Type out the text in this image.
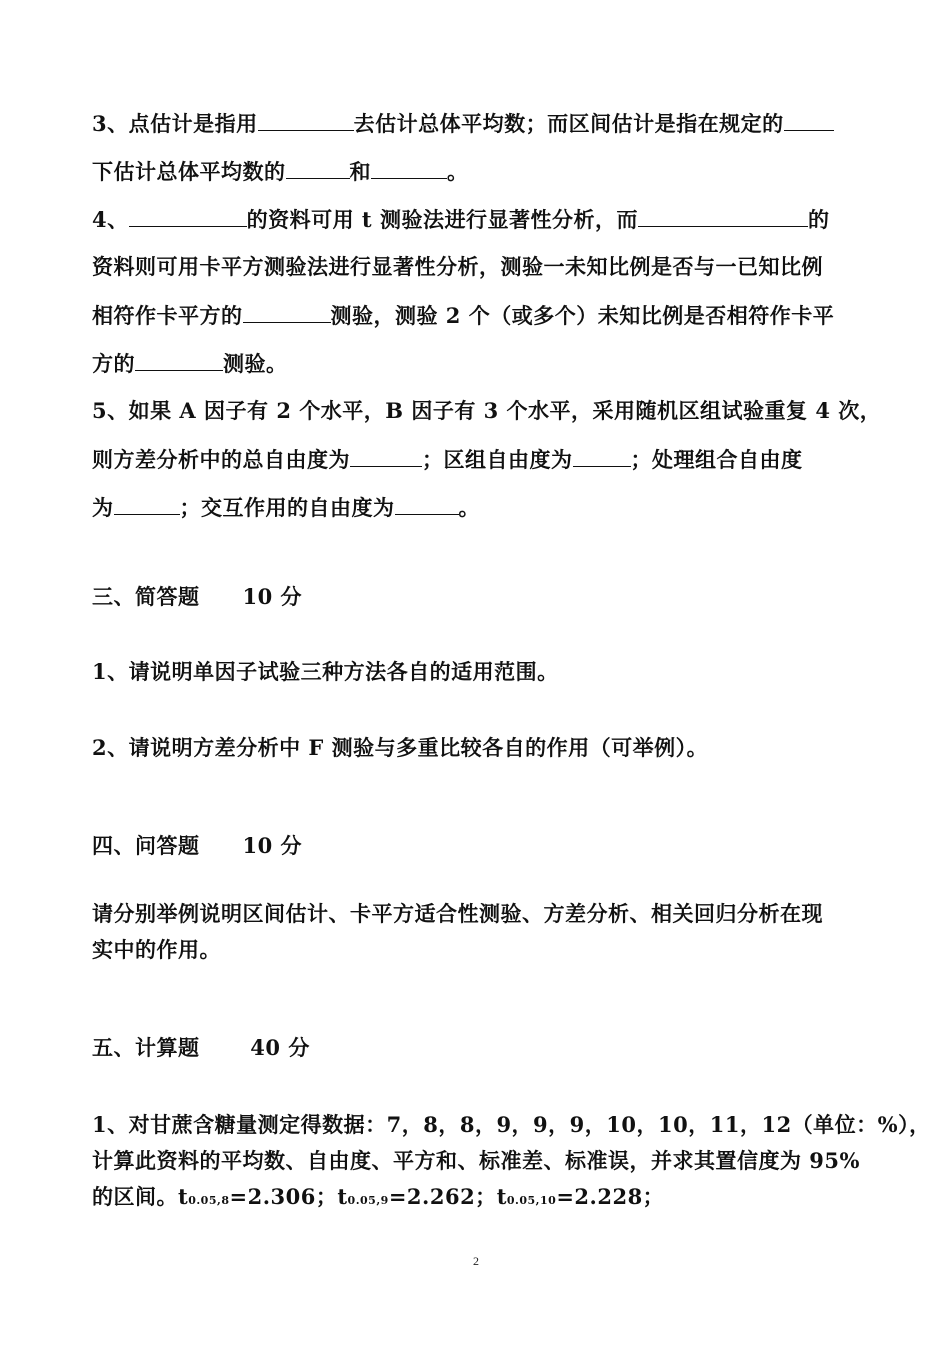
3、点估计是指用	去估计总体平均数；而区间估计是指在规定的
下估计总体平均数的	和	。
4、	的资料可用 t 测验法进行显著性分析，而	的
资料则可用卡平方测验法进行显著性分析，测验一未知比例是否与一已知比例
相符作卡平方的	测验，测验 2 个（或多个）未知比例是否相符作卡平
方的	测验。
5、如果 A 因子有 2 个水平，B 因子有 3 个水平，采用随机区组试验重复 4 次，
则方差分析中的总自由度为	；区组自由度为	；处理组合自由度
为	；交互作用的自由度为	。
三、简答题　　10 分
1、请说明单因子试验三种方法各自的适用范围。
2、请说明方差分析中 F 测验与多重比较各自的作用（可举例）。
四、问答题　　10 分
请分别举例说明区间估计、卡平方适合性测验、方差分析、相关回归分析在现
实中的作用。
五、计算题　　 40 分
1、对甘蔗含糖量测定得数据：7，8，8，9，9，9，10，10，11，12（单位：%），
计算此资料的平均数、自由度、平方和、标准差、标准误，并求其置信度为 95%
的区间。t0.05,8=2.306；t0.05,9=2.262；t0.05,10=2.228；
2
